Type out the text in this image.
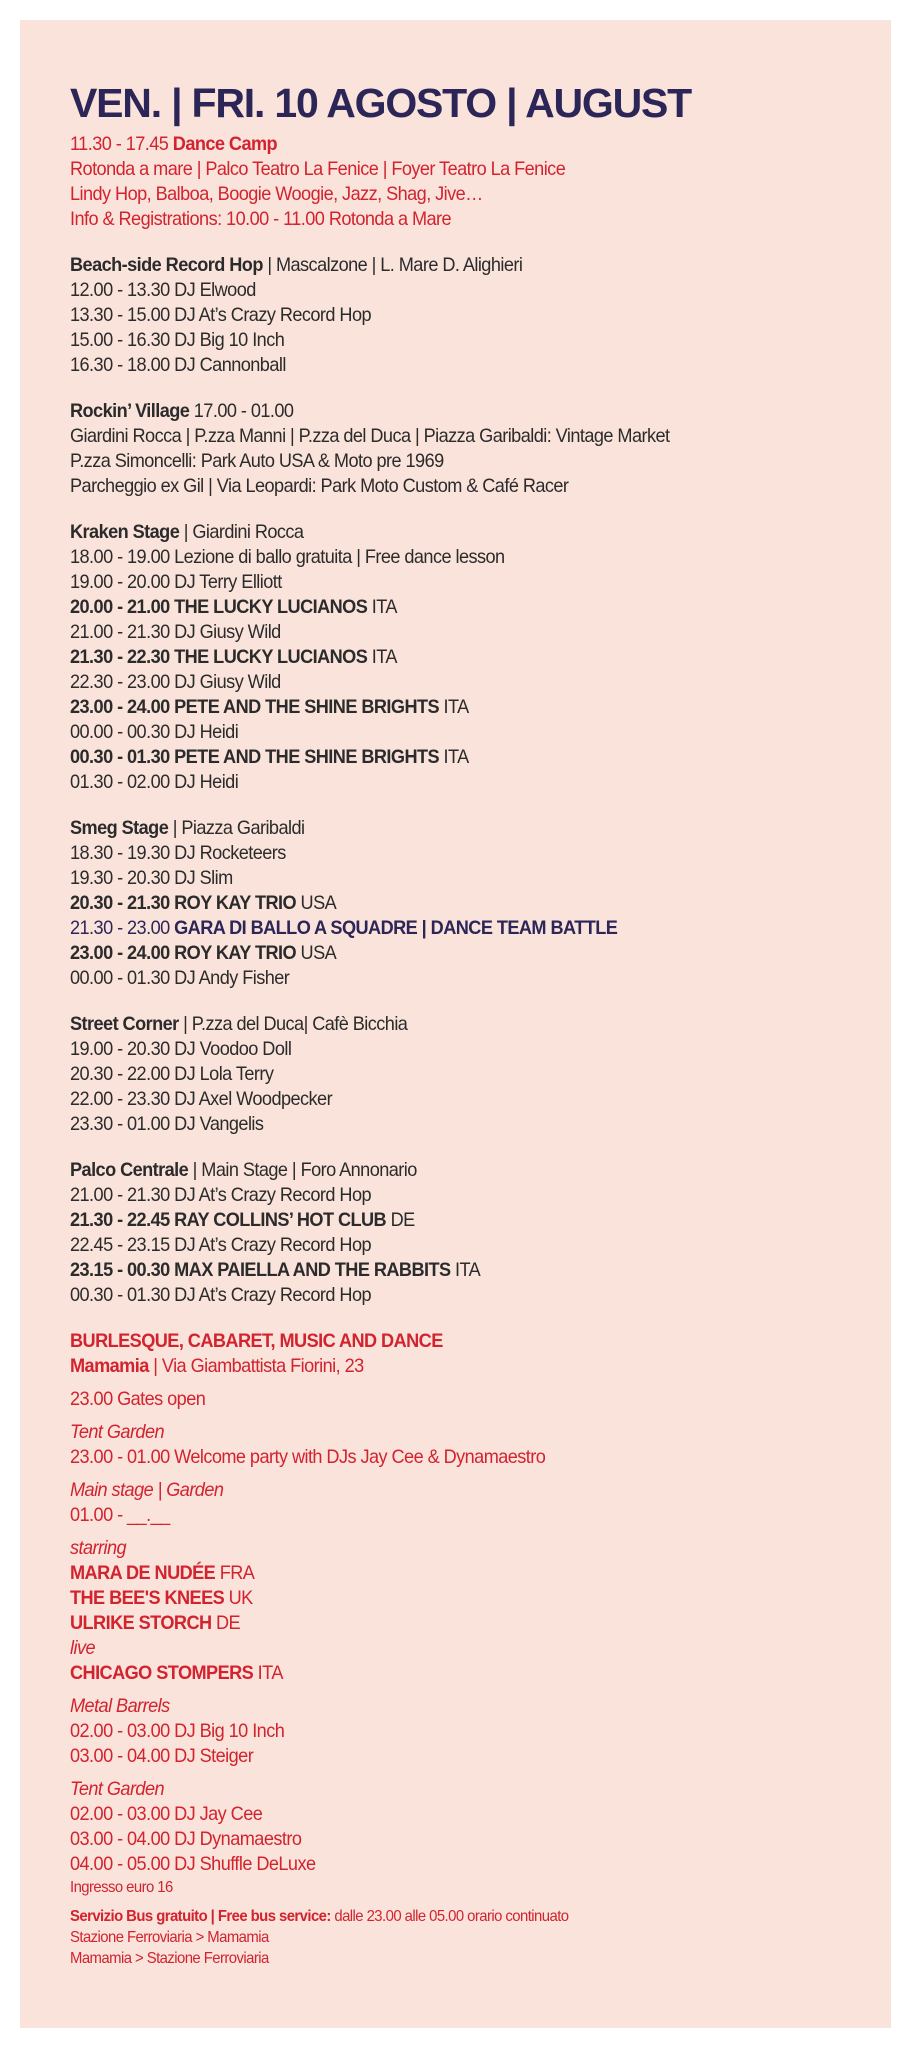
VEN. | FRI. 10 AGOSTO | AUGUST
11.30 - 17.45 Dance Camp
Rotonda a mare | Palco Teatro La Fenice | Foyer Teatro La Fenice
Lindy Hop, Balboa, Boogie Woogie, Jazz, Shag, Jive…
Info & Registrations: 10.00 - 11.00 Rotonda a Mare
Beach-side Record Hop | Mascalzone | L. Mare D. Alighieri
12.00 - 13.30 DJ Elwood
13.30 - 15.00 DJ At’s Crazy Record Hop
15.00 - 16.30 DJ Big 10 Inch
16.30 - 18.00 DJ Cannonball
Rockin’ Village 17.00 - 01.00
Giardini Rocca | P.zza Manni | P.zza del Duca | Piazza Garibaldi: Vintage Market
P.zza Simoncelli: Park Auto USA & Moto pre 1969
Parcheggio ex Gil | Via Leopardi: Park Moto Custom & Café Racer
Kraken Stage | Giardini Rocca
18.00 - 19.00 Lezione di ballo gratuita | Free dance lesson
19.00 - 20.00 DJ Terry Elliott
20.00 - 21.00 THE LUCKY LUCIANOS ITA
21.00 - 21.30 DJ Giusy Wild
21.30 - 22.30 THE LUCKY LUCIANOS ITA
22.30 - 23.00 DJ Giusy Wild
23.00 - 24.00 PETE AND THE SHINE BRIGHTS ITA
00.00 - 00.30 DJ Heidi
00.30 - 01.30 PETE AND THE SHINE BRIGHTS ITA
01.30 - 02.00 DJ Heidi
Smeg Stage | Piazza Garibaldi
18.30 - 19.30 DJ Rocketeers
19.30 - 20.30 DJ Slim
20.30 - 21.30 ROY KAY TRIO USA
21.30 - 23.00 GARA DI BALLO A SQUADRE | DANCE TEAM BATTLE
23.00 - 24.00 ROY KAY TRIO USA
00.00 - 01.30 DJ Andy Fisher
Street Corner | P.zza del Duca| Cafè Bicchia
19.00 - 20.30 DJ Voodoo Doll
20.30 - 22.00 DJ Lola Terry
22.00 - 23.30 DJ Axel Woodpecker
23.30 - 01.00 DJ Vangelis
Palco Centrale | Main Stage | Foro Annonario
21.00 - 21.30 DJ At’s Crazy Record Hop
21.30 - 22.45 RAY COLLINS’ HOT CLUB DE
22.45 - 23.15 DJ At’s Crazy Record Hop
23.15 - 00.30 MAX PAIELLA AND THE RABBITS ITA
00.30 - 01.30 DJ At’s Crazy Record Hop
BURLESQUE, CABARET, MUSIC AND DANCE
Mamamia | Via Giambattista Fiorini, 23
23.00 Gates open
Tent Garden
23.00 - 01.00 Welcome party with DJs Jay Cee & Dynamaestro
Main stage | Garden
01.00 - __.__
starring
MARA DE NUDÉE FRA
THE BEE'S KNEES UK
ULRIKE STORCH DE
live
CHICAGO STOMPERS ITA
Metal Barrels
02.00 - 03.00 DJ Big 10 Inch
03.00 - 04.00 DJ Steiger
Tent Garden
02.00 - 03.00 DJ Jay Cee
03.00 - 04.00 DJ Dynamaestro
04.00 - 05.00 DJ Shuffle DeLuxe
Ingresso euro 16
Servizio Bus gratuito | Free bus service: dalle 23.00 alle 05.00 orario continuato
Stazione Ferroviaria > Mamamia
Mamamia > Stazione Ferroviaria
